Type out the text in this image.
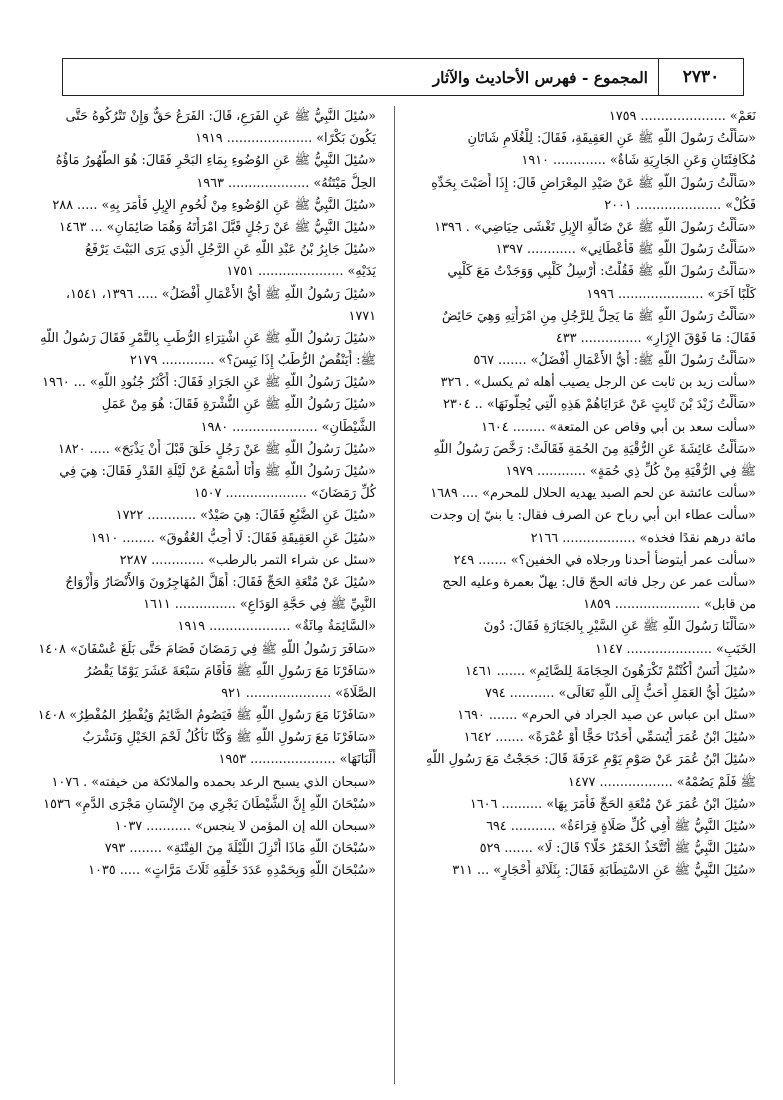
٢٧٣٠
المجموع - فهرس الأحاديث والآثار
نَعَمْ» ..................... ١٧٥٩
«سَأَلْتُ رَسُولَ اللَّهِ ﷺ عَنِ العَقِيقَةِ، فَقَالَ: لِلْغُلَامِ شَاتَانِ
مُكَافِئَتَانِ وَعَنِ الجَارِيَةِ شَاةٌ» ............. ١٩١٠
«سَأَلْتُ رَسُولَ اللَّهِ ﷺ عَنْ صَيْدِ المِعْرَاضِ قَالَ: إِذَا أَصَبْتَ بِحَدِّهِ
فَكُلْ» ..................... ٢٠٠١
«سَأَلْتُ رَسُولَ اللَّهِ ﷺ عَنْ ضَالَّةِ الإِبِلِ تَغْشَى حِيَاضِي» . ١٣٩٦
«سَأَلْتُ رَسُولَ اللَّهِ ﷺ فَأَعْطَانِي» ............ ١٣٩٧
«سَأَلْتُ رَسُولَ اللَّهِ ﷺ فَقُلْتُ: أُرْسِلُ كَلْبِي وَوَجَدْتُ مَعَ كَلْبِي
كَلْبًا آخَرَ» ..................... ١٩٩٦
«سَأَلْتُ رَسُولَ اللَّهِ ﷺ مَا يَحِلُّ لِلرَّجُلِ مِنِ امْرَأَتِهِ وَهِيَ حَائِضٌ
فَقَالَ: مَا فَوْقَ الإِزَارِ» ............... ٤٣٣
«سَأَلْتُ رَسُولَ اللَّهِ ﷺ: أَيُّ الأَعْمَالِ أَفْضَلُ» ....... ٥٦٧
«سألت زيد بن ثابت عن الرجل يصيب أهله ثم يكسل» . ٣٢٦
«سَأَلْتُ زَيْدَ بْنَ ثَابِتٍ عَنْ عَرَايَاهُمْ هَذِهِ الَّتِي يُحِلُّونَهَا» .. ٢٣٠٤
«سألت سعد بن أبي وقاص عن المتعة» ........ ١٦٠٤
«سَأَلْتُ عَائِشَةَ عَنِ الرُّقْيَةِ مِنَ الحُمَةِ فَقَالَتْ: رَخَّصَ رَسُولُ اللَّهِ
ﷺ فِي الرُّقْيَةِ مِنْ كُلِّ ذِي حُمَةٍ» ............ ١٩٧٩
«سألت عائشة عن لحم الصيد يهديه الحلال للمحرم» .... ١٦٨٩
«سألت عطاء ابن أبي رباح عن الصرف فقال: يا بنيّ إن وجدت
مائة درهم نقدًا فخذه» .................. ٢١٦٦
«سألت عمر أيتوضأ أحدنا ورجلاه في الخفين؟» ....... ٢٤٩
«سألت عمر عن رجل فاته الحجّ قال: يهلّ بعمرة وعليه الحج
من قابل» ..................... ١٨٥٩
«سَأَلْنَا رَسُولَ اللَّهِ ﷺ عَنِ السَّيْرِ بِالجَنَازَةِ فَقَالَ: دُونَ
الخَبَبِ» ..................... ١١٤٧
«سُئِلَ أَنَسٌ أَكُنْتُمْ تَكْرَهُونَ الحِجَامَةَ لِلصَّائِمِ» ....... ١٤٦١
«سُئِلَ أَيُّ العَمَلِ أَحَبُّ إِلَى اللَّهِ تَعَالَى» ........... ٧٩٤
«سئل ابن عباس عن صيد الجراد في الحرم» ....... ١٦٩٠
«سُئِلَ ابْنُ عُمَرَ أَيُسَمِّي أَحَدُنَا حَجًّا أَوْ عُمْرَةً» ....... ١٦٤٢
«سُئِلَ ابْنُ عُمَرَ عَنْ صَوْمِ يَوْمِ عَرَفَةَ قَالَ: حَجَجْتُ مَعَ رَسُولِ اللَّهِ
ﷺ فَلَمْ يَصُمْهُ» .................. ١٤٧٧
«سُئِلَ ابْنُ عُمَرَ عَنْ مُتْعَةِ الحَجِّ فَأَمَرَ بِهَا» .......... ١٦٠٦
«سُئِلَ النَّبِيُّ ﷺ أَفِي كُلِّ صَلَاةٍ قِرَاءَةٌ» ........... ٦٩٤
«سُئِلَ النَّبِيُّ ﷺ أَتُتَّخَذُ الخَمْرُ خَلًّا؟ قَالَ: لَا» ....... ٥٢٩
«سُئِلَ النَّبِيُّ ﷺ عَنِ الاسْتِطَابَةِ فَقَالَ: بِثَلَاثَةِ أَحْجَارٍ» ... ٣١١
«سُئِلَ النَّبِيُّ ﷺ عَنِ الفَرَعِ، قَالَ: الفَرَعُ حَقٌّ وَإِنْ تَتْرُكُوهُ حَتَّى
يَكُونَ بَكْرًا» ..................... ١٩١٩
«سُئِلَ النَّبِيُّ ﷺ عَنِ الوُضُوءِ بِمَاءِ البَحْرِ فَقَالَ: هُوَ الطَّهُورُ مَاؤُهُ
الحِلُّ مَيْتَتُهُ» .................... ١٩٦٣
«سُئِلَ النَّبِيُّ ﷺ عَنِ الوُضُوءِ مِنْ لُحُومِ الإِبِلِ فَأَمَرَ بِهِ» ..... ٢٨٨
«سُئِلَ النَّبِيُّ ﷺ عَنْ رَجُلٍ قَبَّلَ امْرَأَتَهُ وَهُمَا صَائِمَانِ» ... ١٤٦٣
«سُئِلَ جَابِرُ بْنُ عَبْدِ اللَّهِ عَنِ الرَّجُلِ الَّذِي يَرَى البَيْتَ يَرْفَعُ
يَدَيْهِ» ..................... ١٧٥١
«سُئِلَ رَسُولُ اللَّهِ ﷺ أَيُّ الأَعْمَالِ أَفْضَلُ» ..... ١٣٩٦، ١٥٤١،
١٧٧١
«سُئِلَ رَسُولُ اللَّهِ ﷺ عَنِ اشْتِرَاءِ الرُّطَبِ بِالتَّمْرِ فَقَالَ رَسُولُ اللَّهِ
ﷺ: أَيَنْقُصُ الرُّطَبُ إِذَا يَبِسَ؟» ............. ٢١٧٩
«سُئِلَ رَسُولُ اللَّهِ ﷺ عَنِ الجَرَادِ فَقَالَ: أَكْثَرُ جُنُودِ اللَّهِ» ... ١٩٦٠
«سُئِلَ رَسُولُ اللَّهِ ﷺ عَنِ النُّشْرَةِ فَقَالَ: هُوَ مِنْ عَمَلِ
الشَّيْطَانِ» ..................... ١٩٨٠
«سُئِلَ رَسُولُ اللَّهِ ﷺ عَنْ رَجُلٍ حَلَقَ قَبْلَ أَنْ يَذْبَحَ» ..... ١٨٢٠
«سُئِلَ رَسُولُ اللَّهِ ﷺ وَأَنَا أَسْمَعُ عَنْ لَيْلَةِ القَدْرِ فَقَالَ: هِيَ فِي
كُلِّ رَمَضَانَ» .................... ١٥٠٧
«سُئِلَ عَنِ الضَّبُعِ فَقَالَ: هِيَ صَيْدٌ» ............ ١٧٢٢
«سُئِلَ عَنِ العَقِيقَةِ فَقَالَ: لَا أُحِبُّ العُقُوقَ» ........ ١٩١٠
«سئل عن شراء التمر بالرطب» ............. ٢٢٨٧
«سُئِلَ عَنْ مُتْعَةِ الحَجِّ فَقَالَ: أَهَلَّ المُهَاجِرُونَ وَالأَنْصَارُ وَأَزْوَاجُ
النَّبِيِّ ﷺ فِي حَجَّةِ الوَدَاعِ» ............... ١٦١١
«السَّائِمَةُ مِائَةٌ» .................... ١٩١٩
«سَافَرَ رَسُولُ اللَّهِ ﷺ فِي رَمَضَانَ فَصَامَ حَتَّى بَلَغَ عُسْفَانَ» ١٤٠٨
«سَافَرْنَا مَعَ رَسُولِ اللَّهِ ﷺ فَأَقَامَ سَبْعَةَ عَشَرَ يَوْمًا يَقْصُرُ
الصَّلَاةَ» ..................... ٩٢١
«سَافَرْنَا مَعَ رَسُولِ اللَّهِ ﷺ فَيَصُومُ الصَّائِمُ وَيُفْطِرُ المُفْطِرُ» ١٤٠٨
«سَافَرْنَا مَعَ رَسُولِ اللَّهِ ﷺ وَكُنَّا نَأْكُلُ لَحْمَ الخَيْلِ وَنَشْرَبُ
أَلْبَانَهَا» ..................... ١٩٥٣
«سبحان الذي يسبح الرعد بحمده والملائكة من خيفته» . ١٠٧٦
«سُبْحَانَ اللَّهِ إِنَّ الشَّيْطَانَ يَجْرِي مِنَ الإِنْسَانِ مَجْرَى الدَّمِ» ١٥٣٦
«سبحان الله إن المؤمن لا ينجس» ........... ١٠٣٧
«سُبْحَانَ اللَّهِ مَاذَا أُنْزِلَ اللَّيْلَةَ مِنَ الفِتْنَةِ» ........ ٧٩٣
«سُبْحَانَ اللَّهِ وَبِحَمْدِهِ عَدَدَ خَلْقِهِ ثَلَاثَ مَرَّاتٍ» ..... ١٠٣٥
